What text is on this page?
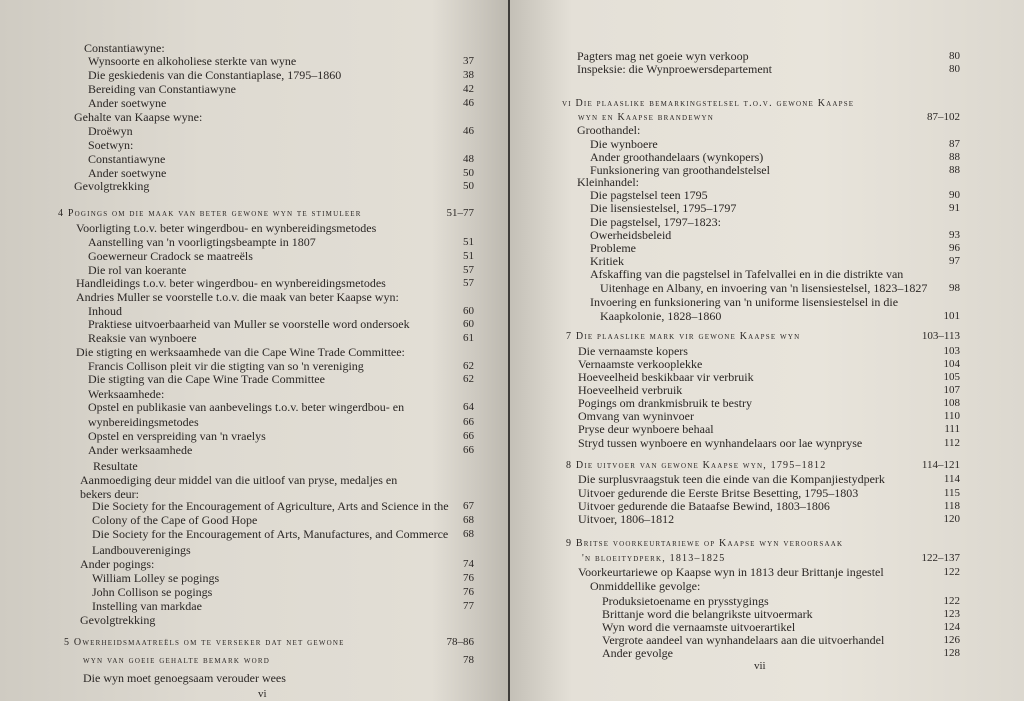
vi
Constantiawyne:
Wynsoorte en alkoholiese sterkte van wyne	37
Die geskiedenis van die Constantiaplase, 1795–1860	38
Bereiding van Constantiawyne	42
Ander soetwyne	46
Gehalte van Kaapse wyne:
Droëwyn	46
Soetwyn:
Constantiawyne	48
Ander soetwyne	50
Gevolgtrekking	50
4 Pogings om die maak van beter gewone wyn te stimuleer	51–77
Voorligting t.o.v. beter wingerdbou- en wynbereidingsmetodes
Aanstelling van 'n voorligtingsbeampte in 1807	51
Goewerneur Cradock se maatreëls	51
Die rol van koerante	57
Handleidings t.o.v. beter wingerdbou- en wynbereidingsmetodes	57
Andries Muller se voorstelle t.o.v. die maak van beter Kaapse wyn:
Inhoud	60
Praktiese uitvoerbaarheid van Muller se voorstelle word ondersoek	60
Reaksie van wynboere	61
Die stigting en werksaamhede van die Cape Wine Trade Committee:
Francis Collison pleit vir die stigting van so 'n vereniging	62
Die stigting van die Cape Wine Trade Committee	62
Werksaamhede:
Opstel en publikasie van aanbevelings t.o.v. beter wingerdbou- en	64
wynbereidingsmetodes	66
Opstel en verspreiding van 'n vraelys	66
Ander werksaamhede	66
Resultate
Aanmoediging deur middel van die uitloof van pryse, medaljes en
bekers deur:
Die Society for the Encouragement of Agriculture, Arts and Science in the 67
Colony of the Cape of Good Hope	68
Die Society for the Encouragement of Arts, Manufactures, and Commerce 68
Landbouverenigings
Ander pogings:	74
William Lolley se pogings	76
John Collison se pogings	76
Instelling van markdae	77
Gevolgtrekking
5 Owerheidsmaatreëls om te verseker dat net gewone	78–86
wyn van goeie gehalte bemark word	78
Die wyn moet genoegsaam verouder wees
vii
Pagters mag net goeie wyn verkoop	80
Inspeksie: die Wynproewersdepartement	80
vi Die plaaslike bemarkingstelsel t.o.v. gewone Kaapse
wyn en Kaapse brandewyn	87–102
Groothandel:
Die wynboere	87
Ander groothandelaars (wynkopers)	88
Funksionering van groothandelstelsel	88
Kleinhandel:
Die pagstelsel teen 1795	90
Die lisensiestelsel, 1795–1797	91
Die pagstelsel, 1797–1823:
Owerheidsbeleid	93
Probleme	96
Kritiek	97
Afskaffing van die pagstelsel in Tafelvallei en in die distrikte van
Uitenhage en Albany, en invoering van 'n lisensiestelsel, 1823–1827 98
Invoering en funksionering van 'n uniforme lisensiestelsel in die
Kaapkolonie, 1828–1860	101
7 Die plaaslike mark vir gewone Kaapse wyn	103–113
Die vernaamste kopers	103
Vernaamste verkooplekke	104
Hoeveelheid beskikbaar vir verbruik	105
Hoeveelheid verbruik	107
Pogings om drankmisbruik te bestry	108
Omvang van wyninvoer	110
Pryse deur wynboere behaal	111
Stryd tussen wynboere en wynhandelaars oor lae wynpryse	112
8 Die uitvoer van gewone Kaapse wyn, 1795–1812	114–121
Die surplusvraagstuk teen die einde van die Kompanjiestydperk	114
Uitvoer gedurende die Eerste Britse Besetting, 1795–1803	115
Uitvoer gedurende die Bataafse Bewind, 1803–1806	118
Uitvoer, 1806–1812	120
9 Britse voorkeurtariewe op Kaapse wyn veroorsaak
'n bloeitydperk, 1813–1825	122–137
Voorkeurtariewe op Kaapse wyn in 1813 deur Brittanje ingestel	122
Onmiddellike gevolge:
Produksietoename en prysstygings	122
Brittanje word die belangrikste uitvoermark	123
Wyn word die vernaamste uitvoerartikel	124
Vergrote aandeel van wynhandelaars aan die uitvoerhandel	126
Ander gevolge	128
